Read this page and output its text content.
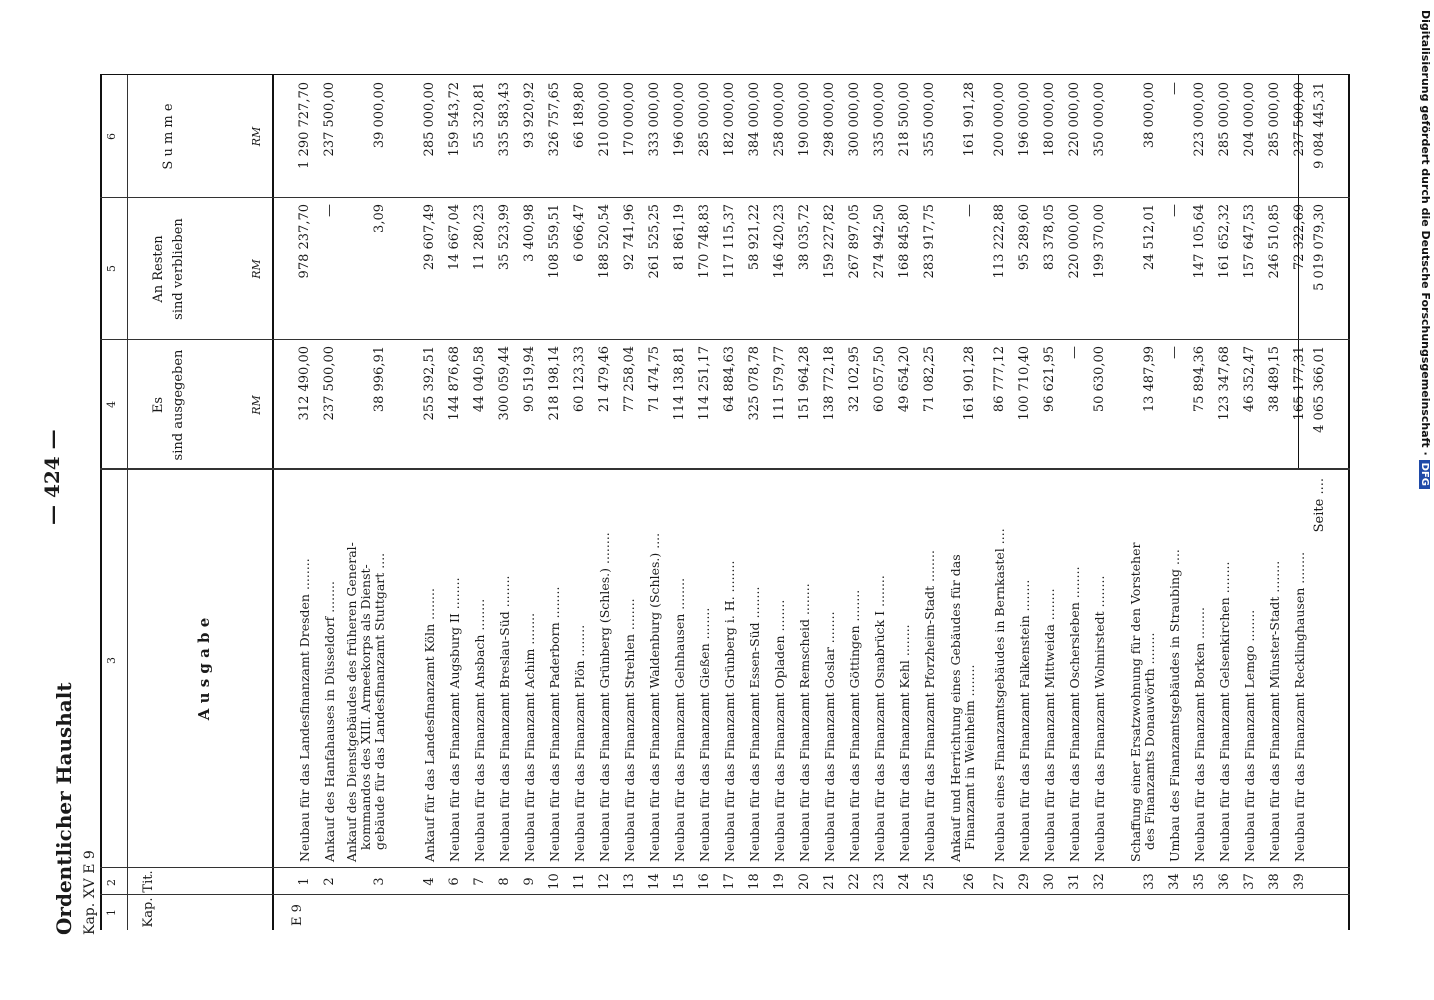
Ordentlicher Haushalt Kap. XV E 9
— 424 —
1
2
3
4
5
6
Kap.
Tit.
A u s g a b e
Es sind ausgegeben
An Resten sind verblieben
S u m m e
RM
RM
RM
E 9
1
Neubau für das Landesfinanzamt Dresden ........
312 490,00
978 237,70
1 290 727,70
2
Ankauf des Hanfahauses in Düsseldorf ........
237 500,00
—
237 500,00
3
Ankauf des Dienstgebäudes des früheren General- kommandos des XIII. Armeekorps als Dienst- gebäude für das Landesfinanzamt Stuttgart ....
38 996,91
3,09
39 000,00
4
Ankauf für das Landesfinanzamt Köln ........
255 392,51
29 607,49
285 000,00
6
Neubau für das Finanzamt Augsburg II ........
144 876,68
14 667,04
159 543,72
7
Neubau für das Finanzamt Ansbach ........
44 040,58
11 280,23
55 320,81
8
Neubau für das Finanzamt Breslau-Süd ........
300 059,44
35 523,99
335 583,43
9
Neubau für das Finanzamt Achim ........
90 519,94
3 400,98
93 920,92
10
Neubau für das Finanzamt Paderborn ........
218 198,14
108 559,51
326 757,65
11
Neubau für das Finanzamt Plön ........
60 123,33
6 066,47
66 189,80
12
Neubau für das Finanzamt Grünberg (Schles.) ........
21 479,46
188 520,54
210 000,00
13
Neubau für das Finanzamt Strehlen ........
77 258,04
92 741,96
170 000,00
14
Neubau für das Finanzamt Waldenburg (Schles.) ....
71 474,75
261 525,25
333 000,00
15
Neubau für das Finanzamt Gelnhausen ........
114 138,81
81 861,19
196 000,00
16
Neubau für das Finanzamt Gießen ........
114 251,17
170 748,83
285 000,00
17
Neubau für das Finanzamt Grünberg i. H. ........
64 884,63
117 115,37
182 000,00
18
Neubau für das Finanzamt Essen-Süd ........
325 078,78
58 921,22
384 000,00
19
Neubau für das Finanzamt Opladen ........
111 579,77
146 420,23
258 000,00
20
Neubau für das Finanzamt Remscheid ........
151 964,28
38 035,72
190 000,00
21
Neubau für das Finanzamt Goslar ........
138 772,18
159 227,82
298 000,00
22
Neubau für das Finanzamt Göttingen ........
32 102,95
267 897,05
300 000,00
23
Neubau für das Finanzamt Osnabrück I ........
60 057,50
274 942,50
335 000,00
24
Neubau für das Finanzamt Kehl ........
49 654,20
168 845,80
218 500,00
25
Neubau für das Finanzamt Pforzheim-Stadt ........
71 082,25
283 917,75
355 000,00
26
Ankauf und Herrichtung eines Gebäudes für das Finanzamt in Weinheim ........
161 901,28
—
161 901,28
27
Neubau eines Finanzamtsgebäudes in Bernkastel ....
86 777,12
113 222,88
200 000,00
29
Neubau für das Finanzamt Falkenstein ........
100 710,40
95 289,60
196 000,00
30
Neubau für das Finanzamt Mittweida ........
96 621,95
83 378,05
180 000,00
31
Neubau für das Finanzamt Oschersleben ........
—
220 000,00
220 000,00
32
Neubau für das Finanzamt Wolmirstedt ........
50 630,00
199 370,00
350 000,00
33
Schaffung einer Ersatzwohnung für den Vorsteher des Finanzamts Donauwörth ........
13 487,99
24 512,01
38 000,00
34
Umbau des Finanzamtsgebäudes in Straubing ....
—
—
—
35
Neubau für das Finanzamt Borken ........
75 894,36
147 105,64
223 000,00
36
Neubau für das Finanzamt Gelsenkirchen ........
123 347,68
161 652,32
285 000,00
37
Neubau für das Finanzamt Lemgo ........
46 352,47
157 647,53
204 000,00
38
Neubau für das Finanzamt Münster-Stadt ........
38 489,15
246 510,85
285 000,00
39
Neubau für das Finanzamt Recklinghausen ........
165 177,31
72 322,69
237 500,00
Seite ....
4 065 366,01
5 019 079,30
9 084 445,31	Digitalisierung gefördert durch die Deutsche Forschungsgemeinschaft ·DFG
